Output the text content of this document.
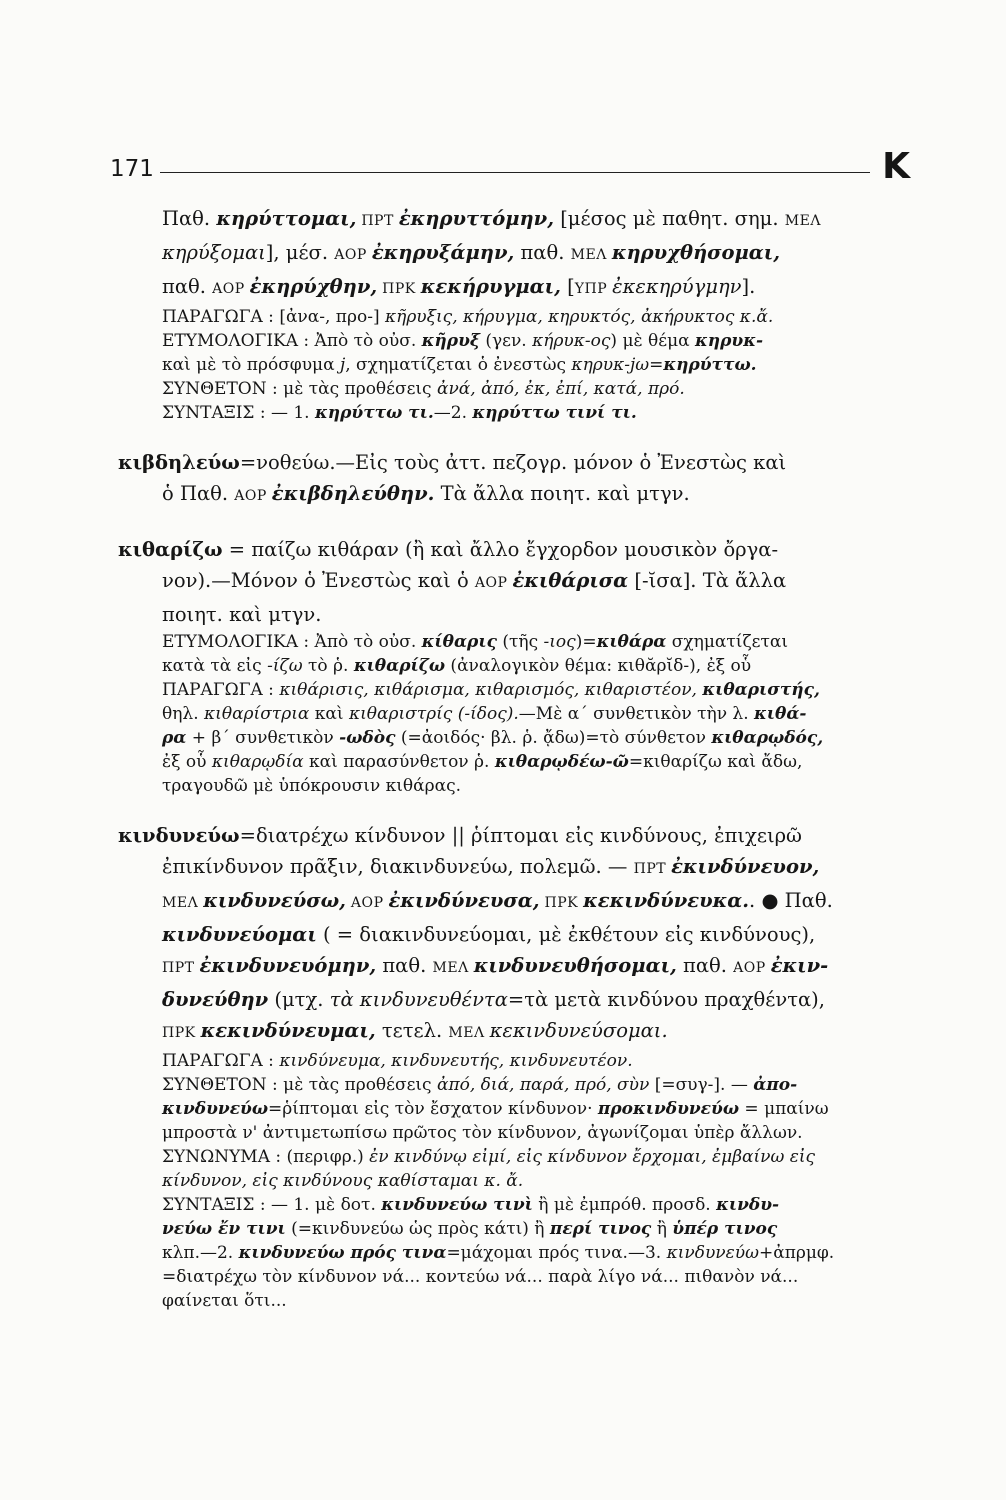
171	Κ
Παθ. κηρύττομαι, ΠΡΤ ἐκηρυττόμην, [μέσος μὲ παθητ. σημ. ΜΕΛ
κηρύξομαι], μέσ. ΑΟΡ ἐκηρυξάμην, παθ. ΜΕΛ κηρυχθήσομαι,
παθ. ΑΟΡ ἐκηρύχθην, ΠΡΚ κεκήρυγμαι, [ΥΠΡ ἐκεκηρύγμην].
ΠΑΡΑΓΩΓΑ : [ἀνα-, προ-] κῆρυξις, κήρυγμα, κηρυκτός, ἀκήρυκτος κ.ἄ.
ΕΤΥΜΟΛΟΓΙΚΑ : Ἀπὸ τὸ οὐσ. κῆρυξ (γεν. κήρυκ-ος) μὲ θέμα κηρυκ-
καὶ μὲ τὸ πρόσφυμα j, σχηματίζεται ὁ ἐνεστὼς κηρυκ-jω=κηρύττω.
ΣΥΝΘΕΤΟΝ : μὲ τὰς προθέσεις ἀνά, ἀπό, ἐκ, ἐπί, κατά, πρό.
ΣΥΝΤΑΞΙΣ : — 1. κηρύττω τι.—2. κηρύττω τινί τι.
κιβδηλεύω=νοθεύω.—Εἰς τοὺς ἀττ. πεζογρ. μόνον ὁ Ἐνεστὼς καὶ
ὁ Παθ. ΑΟΡ ἐκιβδηλεύθην. Τὰ ἄλλα ποιητ. καὶ μτγν.
κιθαρίζω = παίζω κιθάραν (ἢ καὶ ἄλλο ἔγχορδον μουσικὸν ὄργα-
νον).—Μόνον ὁ Ἐνεστὼς καὶ ὁ ΑΟΡ ἐκιθάρισα [-ῐσα]. Τὰ ἄλλα
ποιητ. καὶ μτγν.
ΕΤΥΜΟΛΟΓΙΚΑ : Ἀπὸ τὸ οὐσ. κίθαρις (τῆς -ιος)=κιθάρα σχηματίζεται
κατὰ τὰ εἰς -ίζω τὸ ῥ. κιθαρίζω (ἀναλογικὸν θέμα: κιθᾰρῐδ-), ἐξ οὗ
ΠΑΡΑΓΩΓΑ : κιθάρισις, κιθάρισμα, κιθαρισμός, κιθαριστέον, κιθαριστής,
θηλ. κιθαρίστρια καὶ κιθαριστρίς (-ίδος).—Μὲ α΄ συνθετικὸν τὴν λ. κιθά-
ρα + β΄ συνθετικὸν -ωδὸς (=ἀοιδός· βλ. ῥ. ᾄδω)=τὸ σύνθετον κιθαρῳδός,
ἐξ οὗ κιθαρῳδία καὶ παρασύνθετον ῥ. κιθαρῳδέω-ῶ=κιθαρίζω καὶ ἄδω,
τραγουδῶ μὲ ὑπόκρουσιν κιθάρας.
κινδυνεύω=διατρέχω κίνδυνον || ῥίπτομαι εἰς κινδύνους, ἐπιχειρῶ
ἐπικίνδυνον πρᾶξιν, διακινδυνεύω, πολεμῶ. — ΠΡΤ ἐκινδύνευον,
ΜΕΛ κινδυνεύσω, ΑΟΡ ἐκινδύνευσα, ΠΡΚ κεκινδύνευκα.. ● Παθ.
κινδυνεύομαι ( = διακινδυνεύομαι, μὲ ἐκθέτουν εἰς κινδύνους),
ΠΡΤ ἐκινδυνευόμην, παθ. ΜΕΛ κινδυνευθήσομαι, παθ. ΑΟΡ ἐκιν-
δυνεύθην (μτχ. τὰ κινδυνευθέντα=τὰ μετὰ κινδύνου πραχθέντα),
ΠΡΚ κεκινδύνευμαι, τετελ. ΜΕΛ κεκινδυνεύσομαι.
ΠΑΡΑΓΩΓΑ : κινδύνευμα, κινδυνευτής, κινδυνευτέον.
ΣΥΝΘΕΤΟΝ : μὲ τὰς προθέσεις ἀπό, διά, παρά, πρό, σὺν [=συγ-]. — ἀπο-
κινδυνεύω=ῥίπτομαι εἰς τὸν ἔσχατον κίνδυνον· προκινδυνεύω = μπαίνω
μπροστὰ ν' ἀντιμετωπίσω πρῶτος τὸν κίνδυνον, ἀγωνίζομαι ὑπὲρ ἄλλων.
ΣΥΝΩΝΥΜΑ : (περιφρ.) ἐν κινδύνῳ εἰμί, εἰς κίνδυνον ἔρχομαι, ἐμβαίνω εἰς
κίνδυνον, εἰς κινδύνους καθίσταμαι κ. ἄ.
ΣΥΝΤΑΞΙΣ : — 1. μὲ δοτ. κινδυνεύω τινὶ ἢ μὲ ἐμπρόθ. προσδ. κινδυ-
νεύω ἔν τινι (=κινδυνεύω ὡς πρὸς κάτι) ἢ περί τινος ἢ ὑπέρ τινος
κλπ.—2. κινδυνεύω πρός τινα=μάχομαι πρός τινα.—3. κινδυνεύω+ἀπρμφ.
=διατρέχω τὸν κίνδυνον νά... κοντεύω νά... παρὰ λίγο νά... πιθανὸν νά...
φαίνεται ὅτι...
